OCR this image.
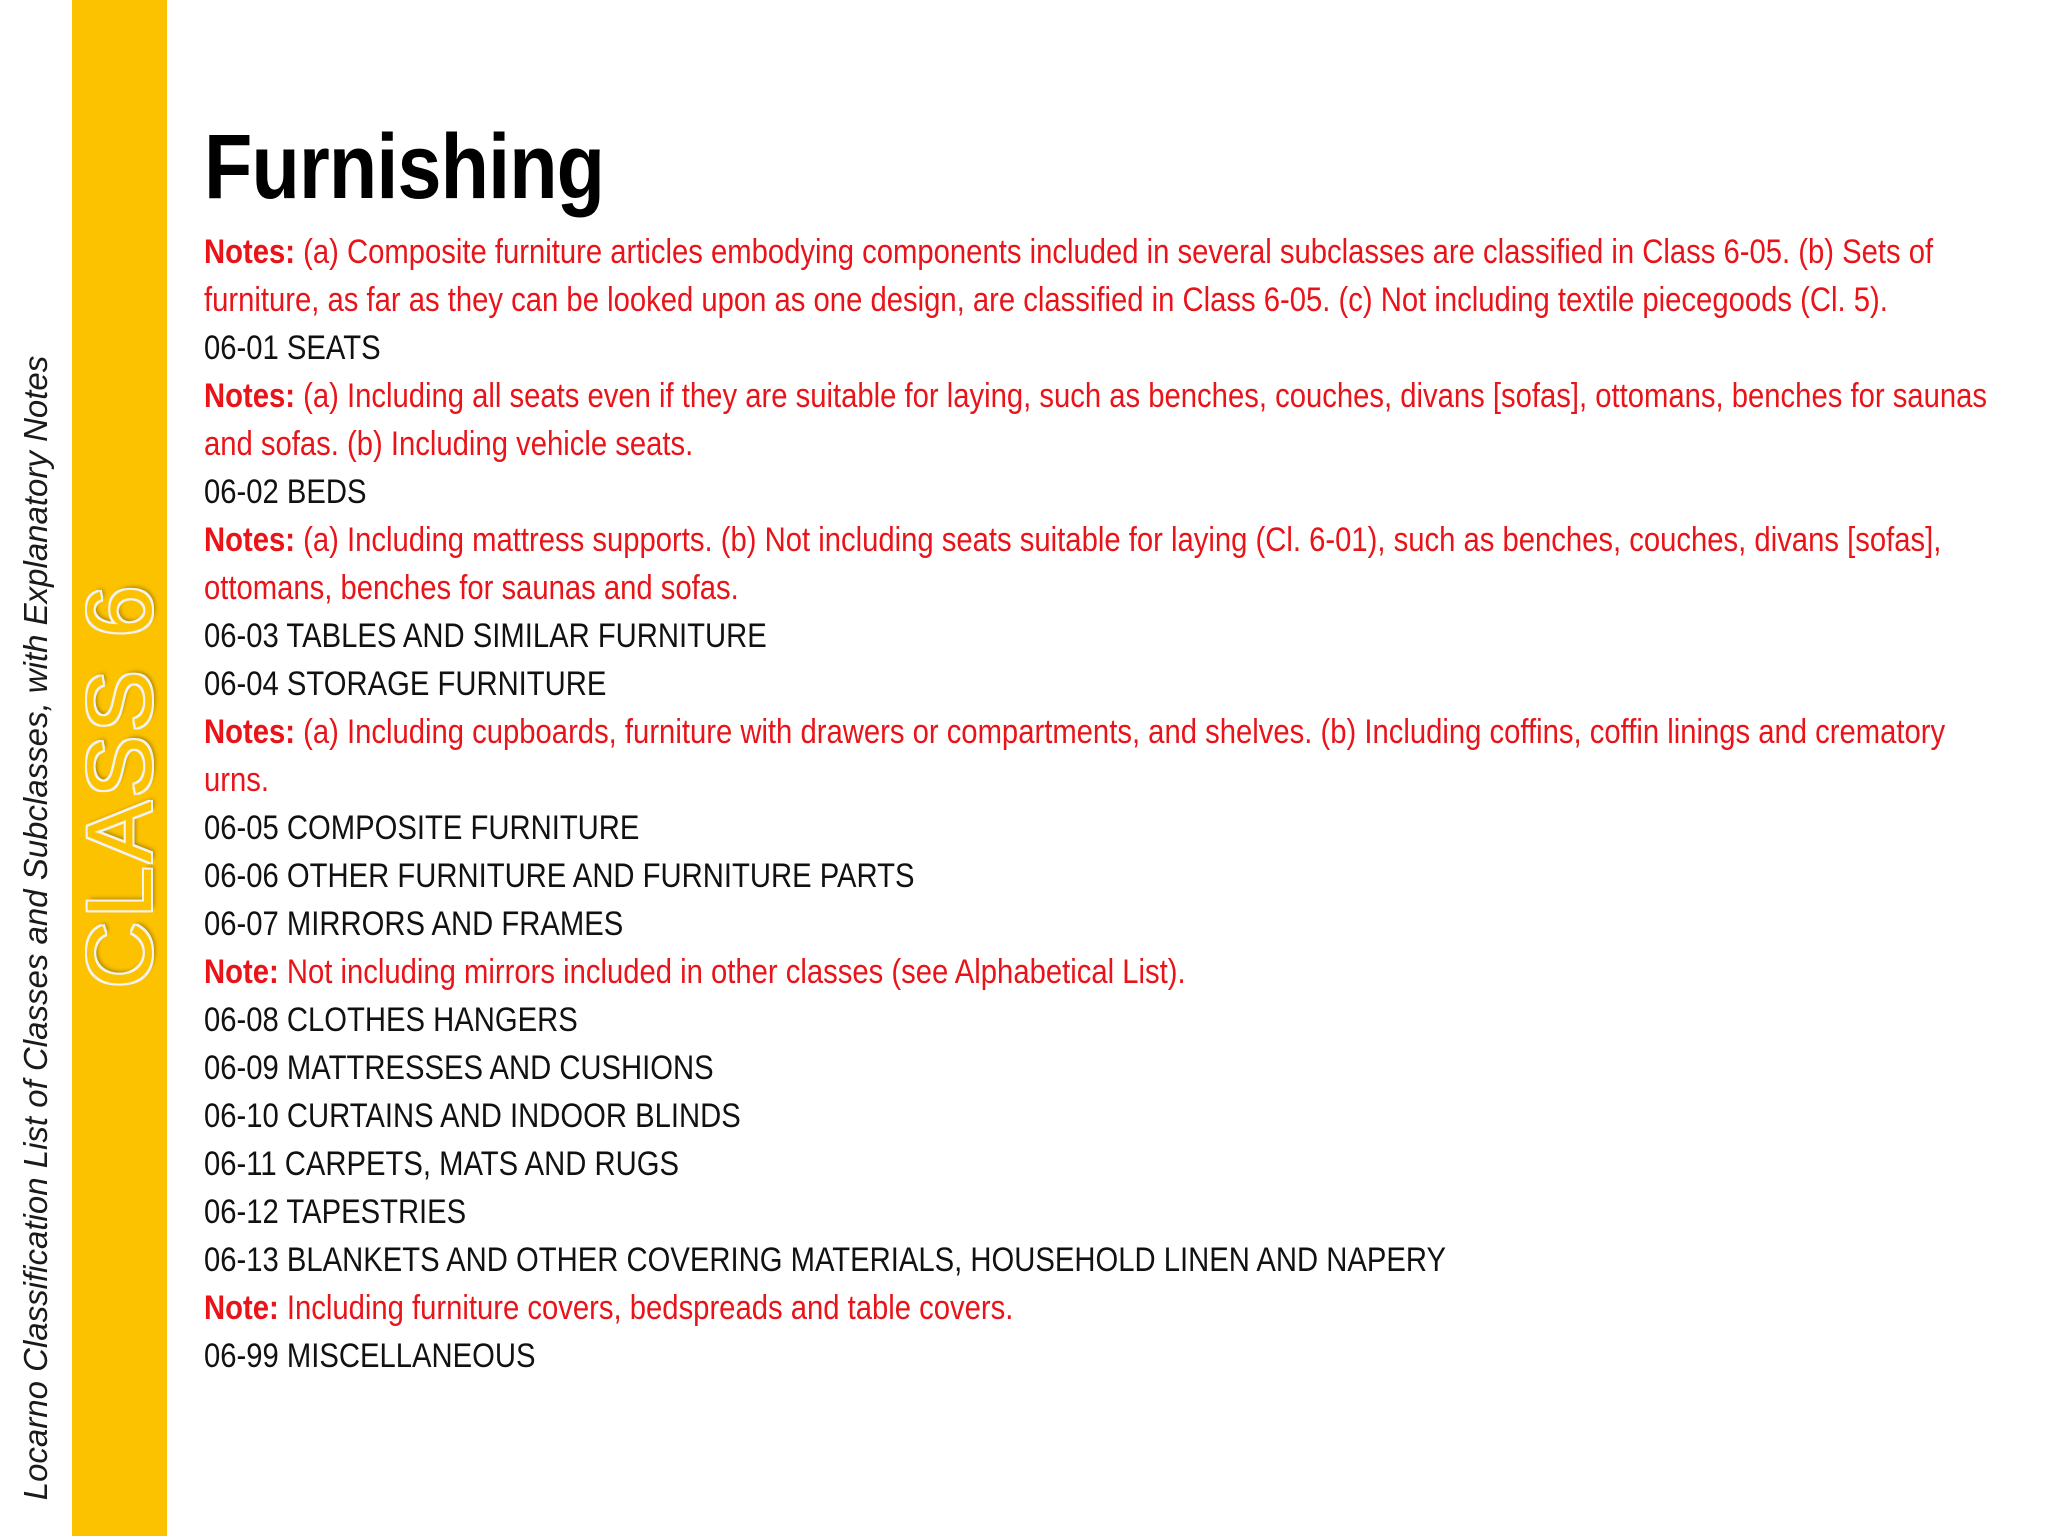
Locarno Classification List of Classes and Subclasses, with Explanatory Notes CLASS 6
Furnishing

Notes: (a) Composite furniture articles embodying components included in several subclasses are classified in Class 6-05. (b) Sets of furniture, as far as they can be looked upon as one design, are classified in Class 6-05. (c) Not including textile piecegoods (Cl. 5).

06-01 SEATS

Notes: (a) Including all seats even if they are suitable for laying, such as benches, couches, divans [sofas], ottomans, benches for saunas and sofas. (b) Including vehicle seats.

06-02 BEDS

Notes: (a) Including mattress supports. (b) Not including seats suitable for laying (Cl. 6-01), such as benches, couches, divans [sofas], ottomans, benches for saunas and sofas.

06-03 TABLES AND SIMILAR FURNITURE

06-04 STORAGE FURNITURE

Notes: (a) Including cupboards, furniture with drawers or compartments, and shelves. (b) Including coffins, coffin linings and crematory urns.

06-05 COMPOSITE FURNITURE

06-06 OTHER FURNITURE AND FURNITURE PARTS

06-07 MIRRORS AND FRAMES

Note: Not including mirrors included in other classes (see Alphabetical List).

06-08 CLOTHES HANGERS

06-09 MATTRESSES AND CUSHIONS

06-10 CURTAINS AND INDOOR BLINDS

06-11 CARPETS, MATS AND RUGS

06-12 TAPESTRIES

06-13 BLANKETS AND OTHER COVERING MATERIALS, HOUSEHOLD LINEN AND NAPERY

Note: Including furniture covers, bedspreads and table covers.

06-99 MISCELLANEOUS
